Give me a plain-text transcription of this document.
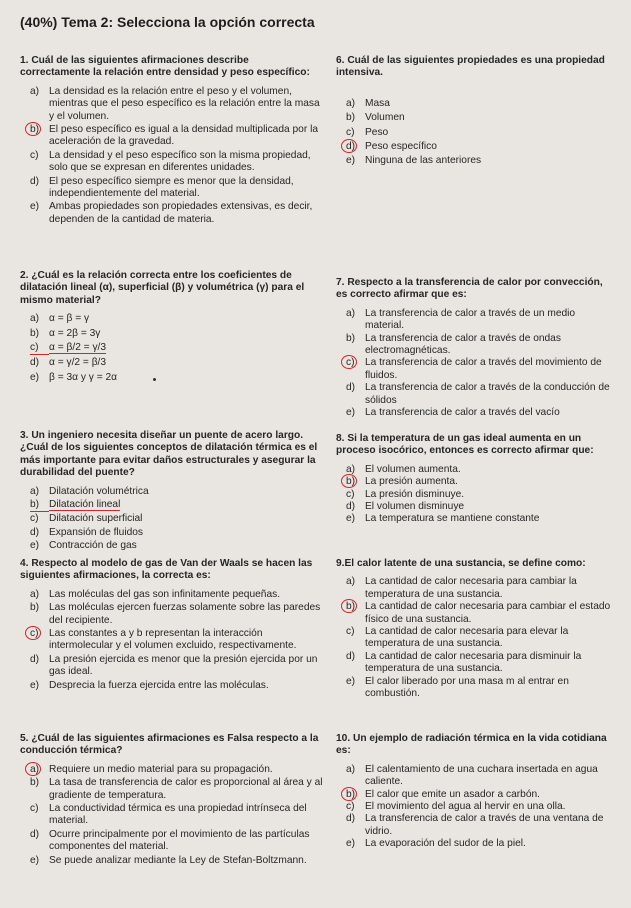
(40%) Tema 2: Selecciona la opción correcta
1. Cuál de las siguientes afirmaciones describe correctamente la relación entre densidad y peso específico:
a) La densidad es la relación entre el peso y el volumen, mientras que el peso específico es la relación entre la masa y el volumen.
b) El peso específico es igual a la densidad multiplicada por la aceleración de la gravedad.
c)	La densidad y el peso específico son la misma propiedad, solo que se expresan en diferentes unidades.
d) El peso específico siempre es menor que la densidad, independientemente del material.
e) Ambas propiedades son propiedades extensivas, es decir, dependen de la cantidad de materia.
2. ¿Cuál es la relación correcta entre los coeficientes de dilatación lineal (α), superficial (β) y volumétrica (γ) para el mismo material?
a) α = β = γ
b) α = 2β = 3γ
c)	α = β/2 = γ/3
d) α = γ/2 = β/3
e) β = 3α y γ = 2α
3. Un ingeniero necesita diseñar un puente de acero largo. ¿Cuál de los siguientes conceptos de dilatación térmica es el más importante para evitar daños estructurales y asegurar la durabilidad del puente?
a) Dilatación volumétrica
b) Dilatación lineal
c)	Dilatación superficial
d) Expansión de fluidos
e) Contracción de gas
4. Respecto al modelo de gas de Van der Waals se hacen las siguientes afirmaciones, la correcta es:
a) Las moléculas del gas son infinitamente pequeñas.
b) Las moléculas ejercen fuerzas solamente sobre las paredes del recipiente.
c)	Las constantes a y b representan la interacción intermolecular y el volumen excluido, respectivamente.
d) La presión ejercida es menor que la presión ejercida por un gas ideal.
e) Desprecia la fuerza ejercida entre las moléculas.
5. ¿Cuál de las siguientes afirmaciones es Falsa respecto a la conducción térmica?
a) Requiere un medio material para su propagación.
b) La tasa de transferencia de calor es proporcional al área y al gradiente de temperatura.
c)	La conductividad térmica es una propiedad intrínseca del material.
d) Ocurre principalmente por el movimiento de las partículas componentes del material.
e) Se puede analizar mediante la Ley de Stefan-Boltzmann.
6. Cuál de las siguientes propiedades es una propiedad intensiva.
a) Masa
b) Volumen
c)	Peso
d) Peso específico
e) Ninguna de las anteriores
7. Respecto a la transferencia de calor por convección, es correcto afirmar que es:
a) La transferencia de calor a través de un medio material.
b) La transferencia de calor a través de ondas electromagnéticas.
c)	La transferencia de calor a través del movimiento de fluidos.
d) La transferencia de calor a través de la conducción de sólidos
e) La transferencia de calor a través del vacío
8. Si la temperatura de un gas ideal aumenta en un proceso isocórico, entonces es correcto afirmar que:
a) El volumen aumenta.
b) La presión aumenta.
c)	La presión disminuye.
d) El volumen disminuye
e) La temperatura se mantiene constante
9.El calor latente de una sustancia, se define como:
a) La cantidad de calor necesaria para cambiar la temperatura de una sustancia.
b) La cantidad de calor necesaria para cambiar el estado físico de una sustancia.
c)	La cantidad de calor necesaria para elevar la temperatura de una sustancia.
d) La cantidad de calor necesaria para disminuir la temperatura de una sustancia.
e) El calor liberado por una masa m al entrar en combustión.
10. Un ejemplo de radiación térmica en la vida cotidiana es:
a) El calentamiento de una cuchara insertada en agua caliente.
b) El calor que emite un asador a carbón.
c)	El movimiento del agua al hervir en una olla.
d) La transferencia de calor a través de una ventana de vidrio.
e) La evaporación del sudor de la piel.
